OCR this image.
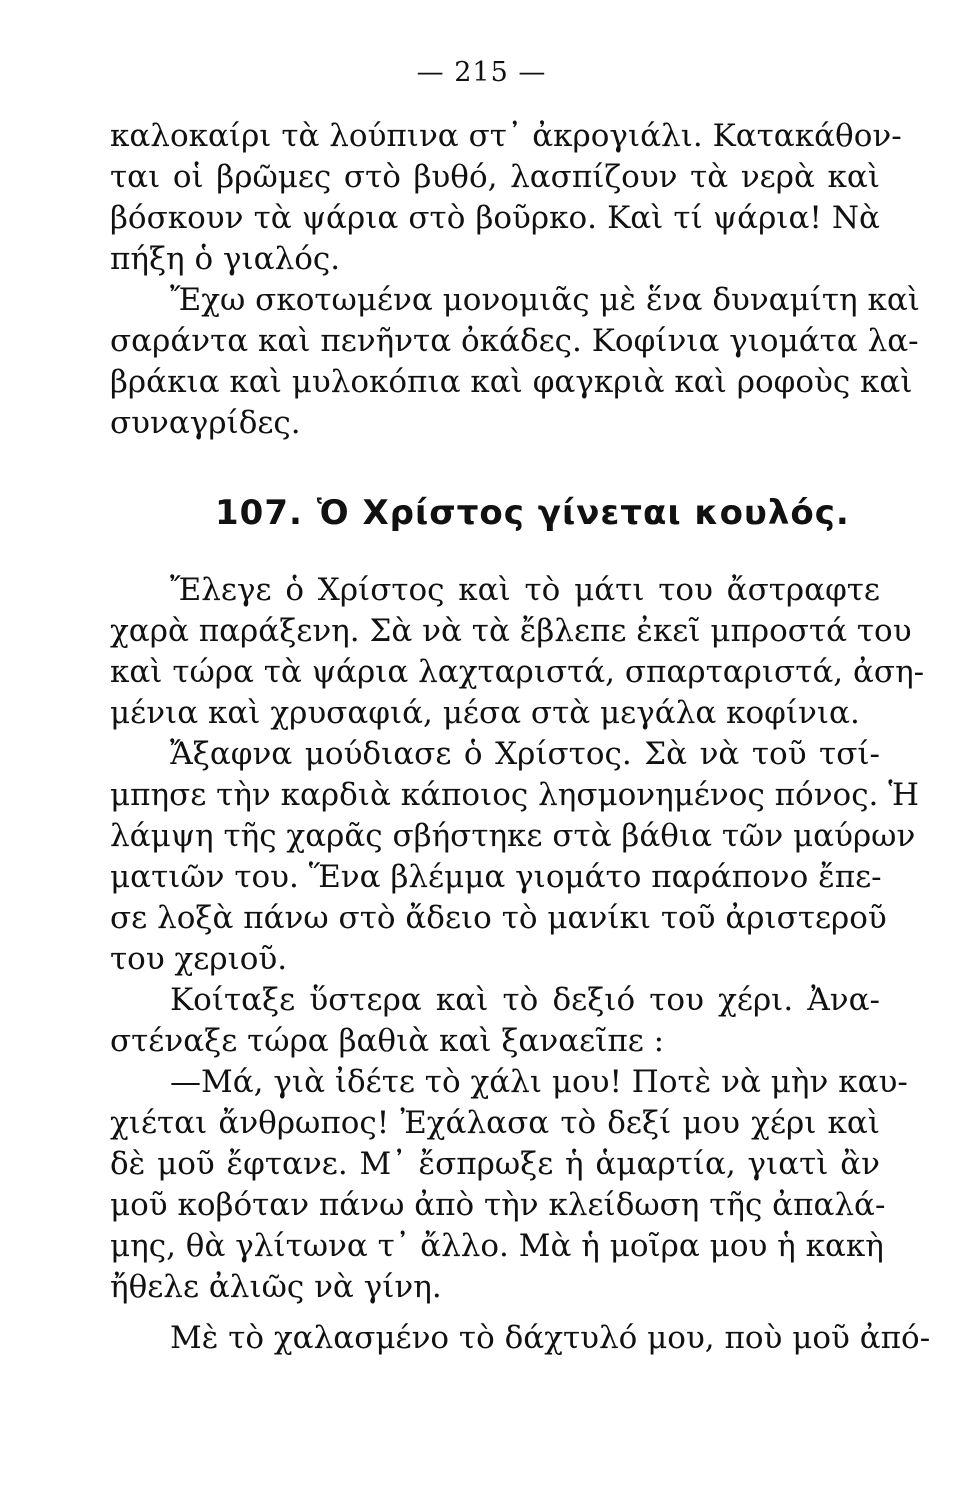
— 215 —
καλοκαίρι τὰ λούπινα στ᾽ ἀκρογιάλι. Κατακάθον-
ται οἱ βρῶμες στὸ βυθό, λασπίζουν τὰ νερὰ καὶ
βόσκουν τὰ ψάρια στὸ βοῦρκο. Καὶ τί ψάρια! Νὰ
πήξη ὁ γιαλός.
Ἔχω σκοτωμένα μονομιᾶς μὲ ἕνα δυναμίτη καὶ
σαράντα καὶ πενῆντα ὀκάδες. Κοφίνια γιομάτα λα-
βράκια καὶ μυλοκόπια καὶ φαγκριὰ καὶ ροφοὺς καὶ
συναγρίδες.
107. Ὁ Χρίστος γίνεται κουλός.
Ἔλεγε ὁ Χρίστος καὶ τὸ μάτι του ἄστραφτε
χαρὰ παράξενη. Σὰ νὰ τὰ ἔβλεπε ἐκεῖ μπροστά του
καὶ τώρα τὰ ψάρια λαχταριστά, σπαρταριστά, ἀση-
μένια καὶ χρυσαφιά, μέσα στὰ μεγάλα κοφίνια.
Ἄξαφνα μούδιασε ὁ Χρίστος. Σὰ νὰ τοῦ τσί-
μπησε τὴν καρδιὰ κάποιος λησμονημένος πόνος. Ἡ
λάμψη τῆς χαρᾶς σβήστηκε στὰ βάθια τῶν μαύρων
ματιῶν του. Ἕνα βλέμμα γιομάτο παράπονο ἔπε-
σε λοξὰ πάνω στὸ ἄδειο τὸ μανίκι τοῦ ἀριστεροῦ
του χεριοῦ.
Κοίταξε ὕστερα καὶ τὸ δεξιό του χέρι. Ἀνα-
στέναξε τώρα βαθιὰ καὶ ξαναεῖπε :
—Μά, γιὰ ἰδέτε τὸ χάλι μου! Ποτὲ νὰ μὴν καυ-
χιέται ἄνθρωπος! Ἐχάλασα τὸ δεξί μου χέρι καὶ
δὲ μοῦ ἔφτανε. Μ᾽ ἔσπρωξε ἡ ἁμαρτία, γιατὶ ἂν
μοῦ κοβόταν πάνω ἀπὸ τὴν κλείδωση τῆς ἀπαλά-
μης, θὰ γλίτωνα τ᾽ ἄλλο. Μὰ ἡ μοῖρα μου ἡ κακὴ
ἤθελε ἀλιῶς νὰ γίνη.
Μὲ τὸ χαλασμένο τὸ δάχτυλό μου, ποὺ μοῦ ἀπό-
